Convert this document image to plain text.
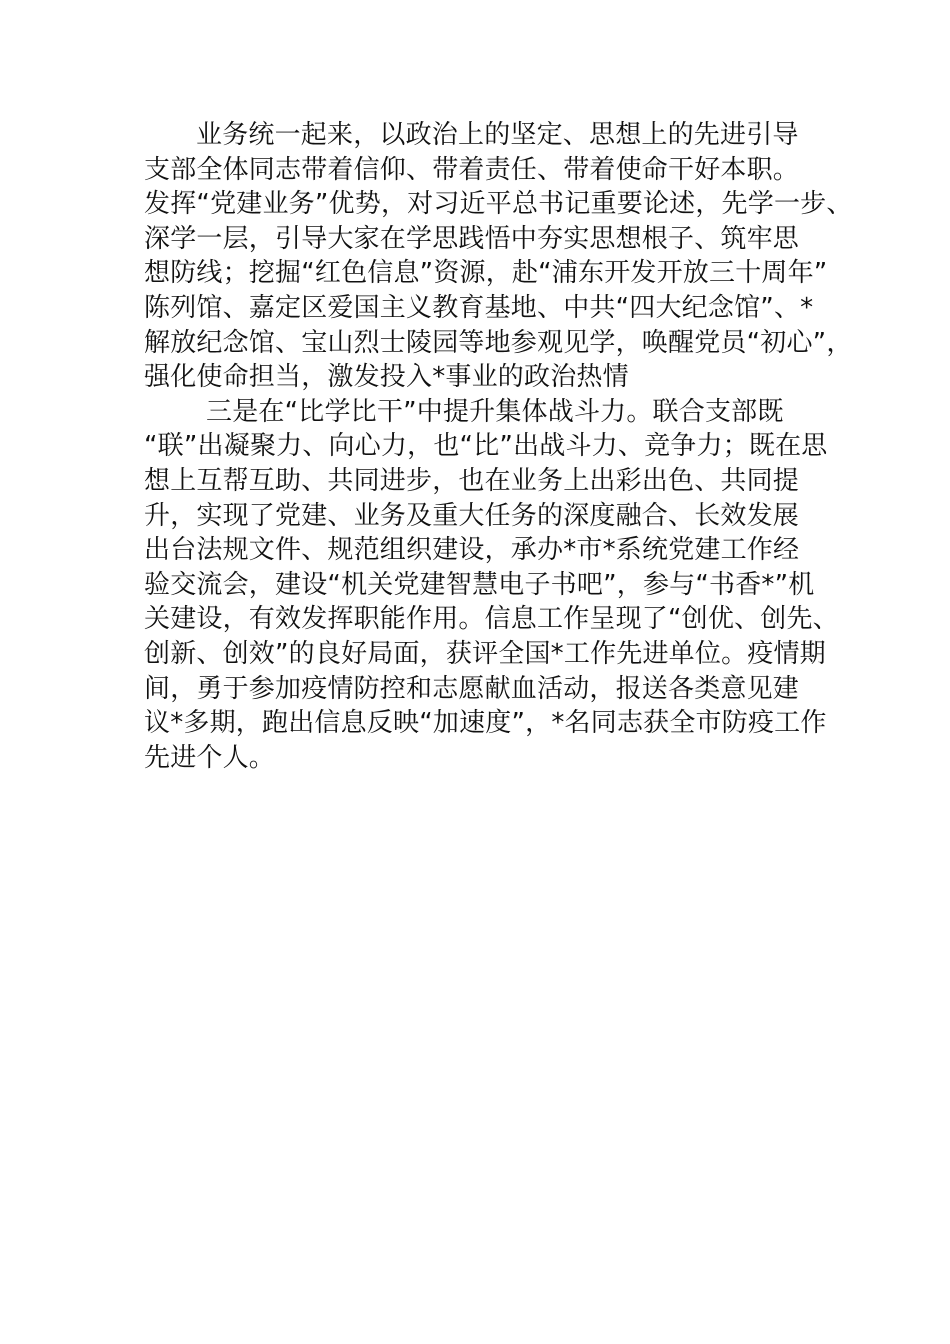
业务统一起来，以政治上的坚定、思想上的先进引导
支部全体同志带着信仰、带着责任、带着使命干好本职。
发挥“党建业务”优势，对习近平总书记重要论述，先学一步、
深学一层，引导大家在学思践悟中夯实思想根子、筑牢思
想防线；挖掘“红色信息”资源，赴“浦东开发开放三十周年”
陈列馆、嘉定区爱国主义教育基地、中共“四大纪念馆”、*
解放纪念馆、宝山烈士陵园等地参观见学，唤醒党员“初心”，
强化使命担当，激发投入*事业的政治热情
三是在“比学比干”中提升集体战斗力。联合支部既
“联”出凝聚力、向心力，也“比”出战斗力、竞争力；既在思
想上互帮互助、共同进步，也在业务上出彩出色、共同提
升，实现了党建、业务及重大任务的深度融合、长效发展
出台法规文件、规范组织建设，承办*市*系统党建工作经
验交流会，建设“机关党建智慧电子书吧”，参与“书香*”机
关建设，有效发挥职能作用。信息工作呈现了“创优、创先、
创新、创效”的良好局面，获评全国*工作先进单位。疫情期
间，勇于参加疫情防控和志愿献血活动，报送各类意见建
议*多期，跑出信息反映“加速度”，*名同志获全市防疫工作
先进个人。
